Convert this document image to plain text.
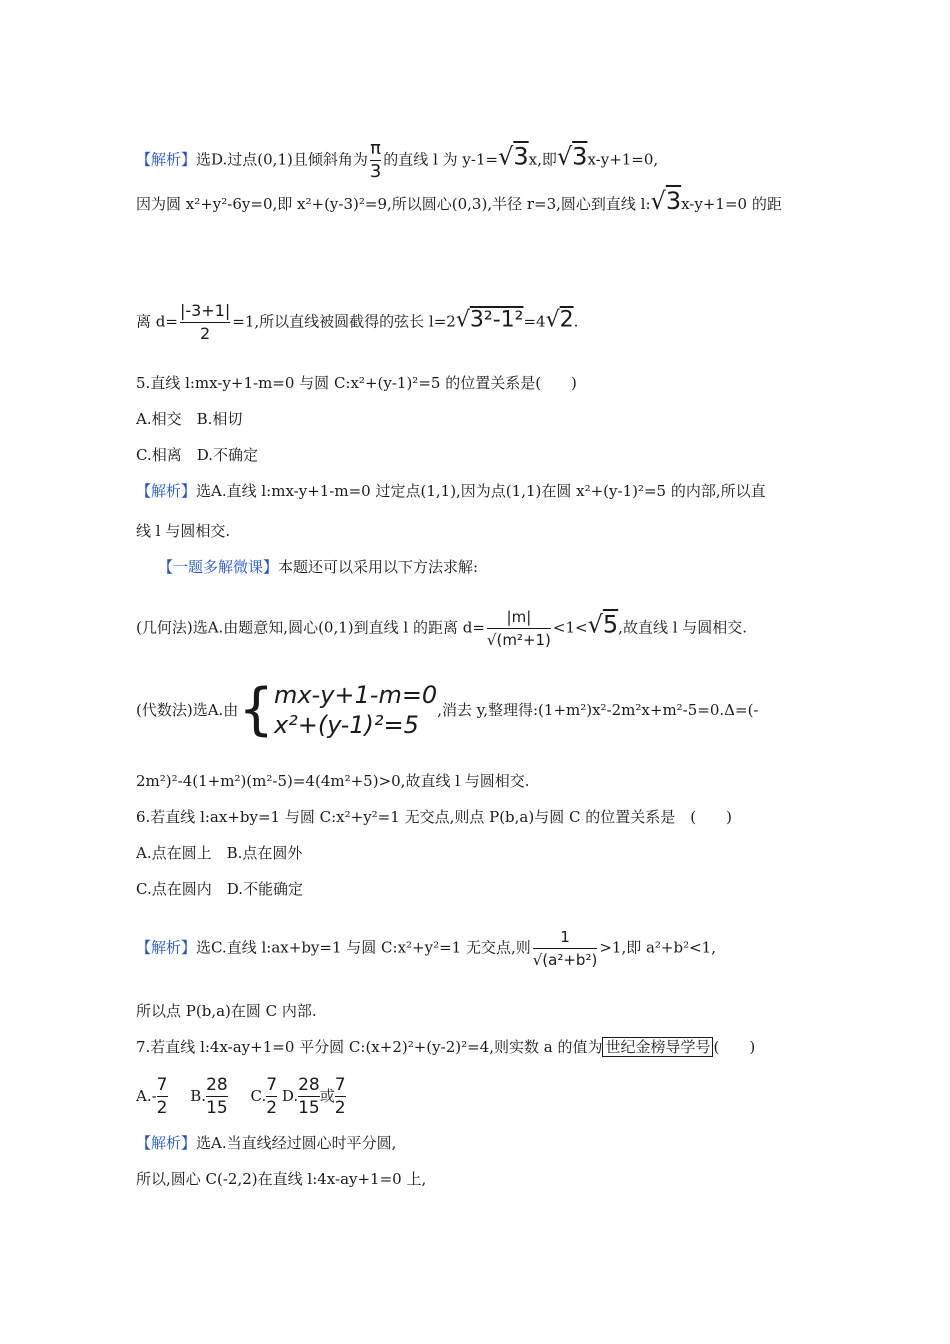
【解析】选D.过点(0,1)且倾斜角为 $\frac{\pi}{3}$ 的直线 l 为 y-1=√3x,即√3x-y+1=0,
因为圆 x²+y²-6y=0,即 x²+(y-3)²=9,所以圆心(0,3),半径 r=3,圆心到直线 l:√3x-y+1=0 的距
离 $d= \frac{|-3+1|}{2} =1$,所以直线被圆截得的弦长 l=2√3²-1²=4√2.
5.直线 l:mx-y+1-m=0 与圆 C:x²+(y-1)²=5 的位置关系是(　　)
A.相交　B.相切
C.相离　D.不确定
【解析】选A.直线 l:mx-y+1-m=0 过定点(1,1),因为点(1,1)在圆 x²+(y-1)²=5 的内部,所以直
线 l 与圆相交.
【一题多解微课】本题还可以采用以下方法求解:
(几何法)选A.由题意知,圆心(0,1)到直线 l 的距离 $d= \frac{|m|}{\text{√(m²+1)}} <1<√5$,故直线 l 与圆相交.
(代数法)选A.由{ mx-y+1-m=0
x²+(y-1)²=5
,消去 y,整理得:(1+m²)x²-2m²x+m²-5=0.Δ=(-
2m²)²-4(1+m²)(m²-5)=4(4m²+5)>0,故直线 l 与圆相交.
6.若直线 l:ax+by=1 与圆 C:x²+y²=1 无交点,则点 P(b,a)与圆 C 的位置关系是　(　　)
A.点在圆上　B.点在圆外
C.点在圆内　D.不能确定
【解析】选C.直线 l:ax+by=1 与圆 C:x²+y²=1 无交点,则 $\frac{1}{\text{√(a²+b²)}} >1$,即 a²+b²<1,
所以点 P(b,a)在圆 C 内部.
7.若直线 l:4x-ay+1=0 平分圆 C:(x+2)²+(y-2)²=4,则实数 a 的值为 世纪金榜导学号 (　　)
$A.- \frac{7}{2} B$. $\frac{28}{15} C$. $\frac{7}{2} D$. $\frac{28}{15}$ 或 $\frac{7}{2}$
【解析】选A.当直线经过圆心时平分圆,
所以,圆心 C(-2,2)在直线 l:4x-ay+1=0 上,
